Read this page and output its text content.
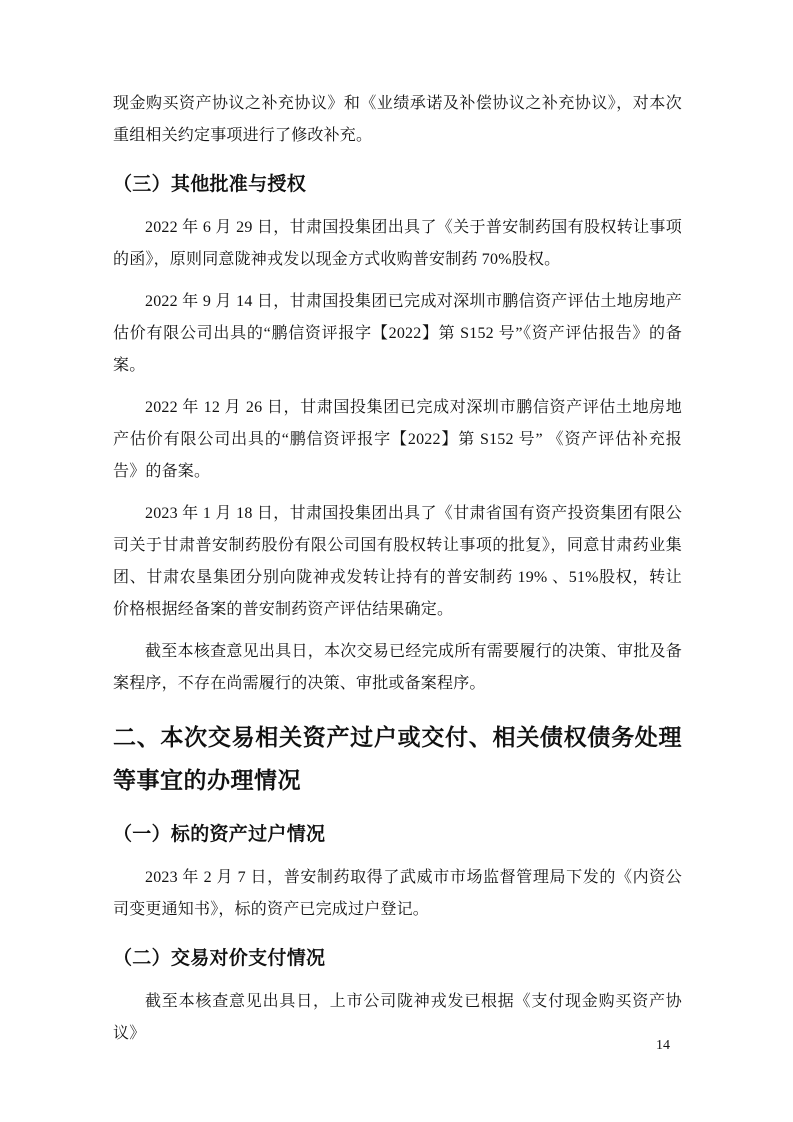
现金购买资产协议之补充协议》和《业绩承诺及补偿协议之补充协议》，对本次重组相关约定事项进行了修改补充。

（三）其他批准与授权

2022 年 6 月 29 日，甘肃国投集团出具了《关于普安制药国有股权转让事项的函》，原则同意陇神戎发以现金方式收购普安制药 70%股权。

2022 年 9 月 14 日，甘肃国投集团已完成对深圳市鹏信资产评估土地房地产估价有限公司出具的“鹏信资评报字【2022】第 S152 号”《资产评估报告》的备案。

2022 年 12 月 26 日，甘肃国投集团已完成对深圳市鹏信资产评估土地房地产估价有限公司出具的“鹏信资评报字【2022】第 S152 号” 《资产评估补充报告》的备案。

2023 年 1 月 18 日，甘肃国投集团出具了《甘肃省国有资产投资集团有限公司关于甘肃普安制药股份有限公司国有股权转让事项的批复》，同意甘肃药业集团、甘肃农垦集团分别向陇神戎发转让持有的普安制药 19% 、51%股权，转让价格根据经备案的普安制药资产评估结果确定。

截至本核查意见出具日，本次交易已经完成所有需要履行的决策、审批及备案程序，不存在尚需履行的决策、审批或备案程序。

二、本次交易相关资产过户或交付、相关债权债务处理等事宜的办理情况
（一）标的资产过户情况

2023 年 2 月 7 日，普安制药取得了武威市市场监督管理局下发的《内资公司变更通知书》，标的资产已完成过户登记。

（二）交易对价支付情况

截至本核查意见出具日，上市公司陇神戎发已根据《支付现金购买资产协议》

14
